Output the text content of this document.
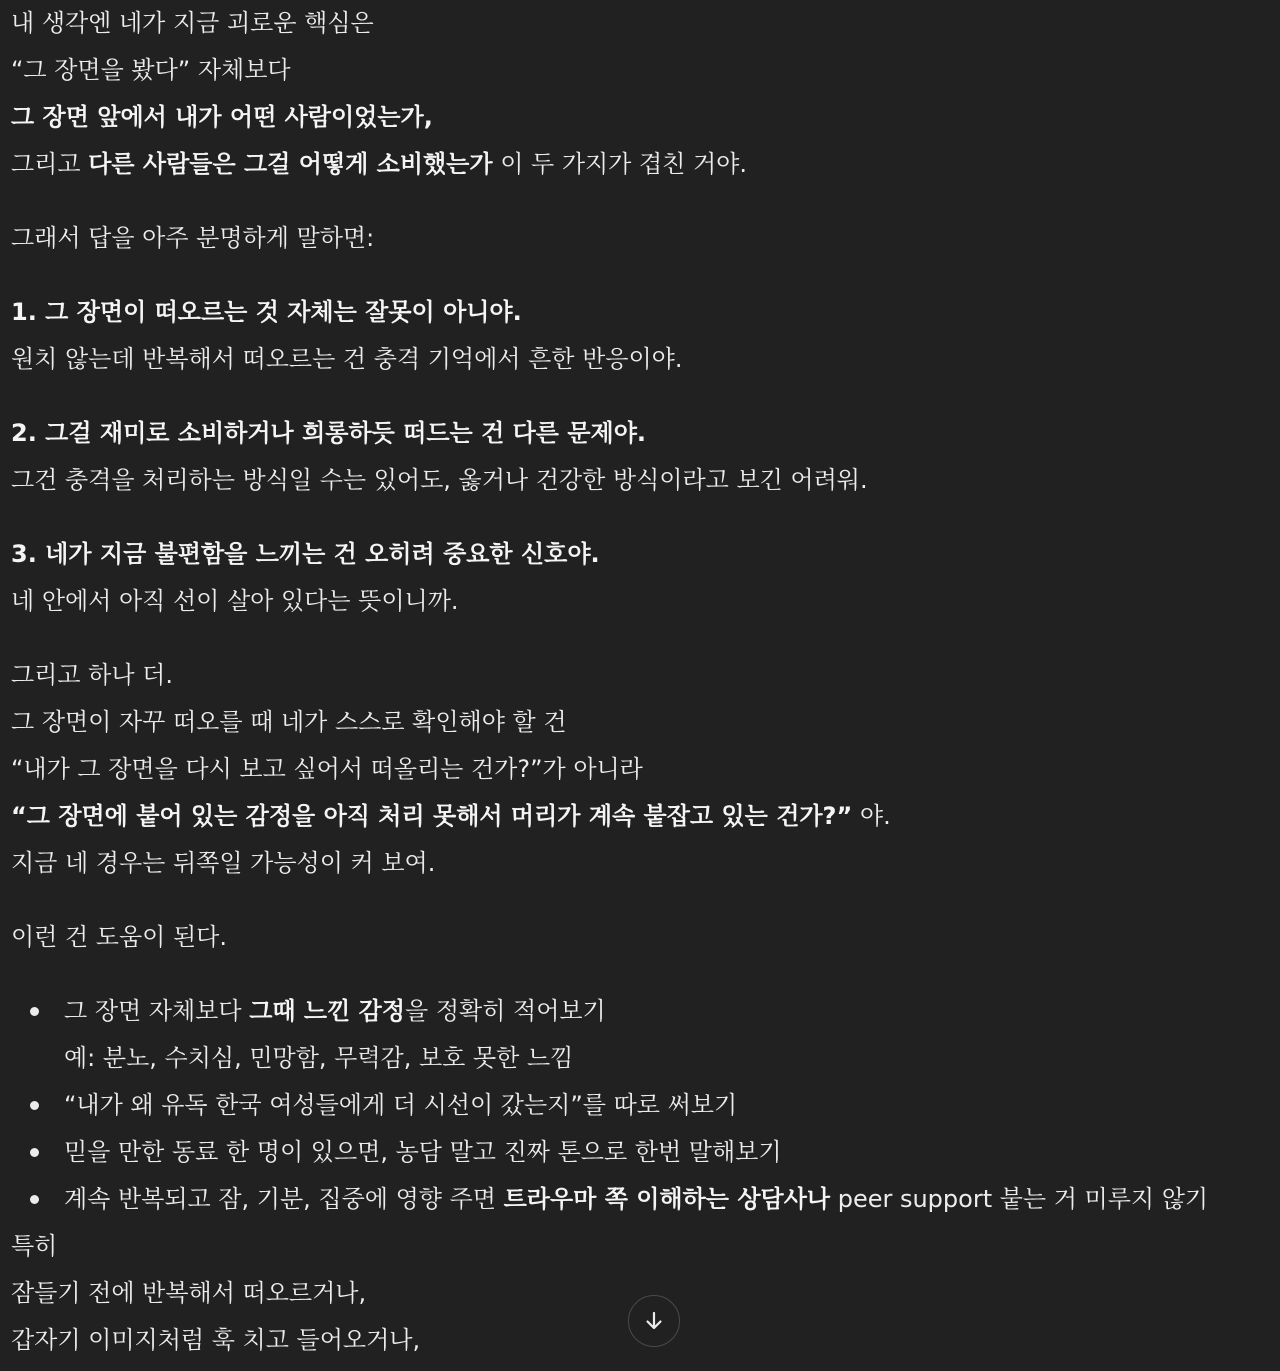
내 생각엔 네가 지금 괴로운 핵심은
“그 장면을 봤다” 자체보다
그 장면 앞에서 내가 어떤 사람이었는가,
그리고 다른 사람들은 그걸 어떻게 소비했는가 이 두 가지가 겹친 거야.
그래서 답을 아주 분명하게 말하면:
1. 그 장면이 떠오르는 것 자체는 잘못이 아니야.
원치 않는데 반복해서 떠오르는 건 충격 기억에서 흔한 반응이야.
2. 그걸 재미로 소비하거나 희롱하듯 떠드는 건 다른 문제야.
그건 충격을 처리하는 방식일 수는 있어도, 옳거나 건강한 방식이라고 보긴 어려워.
3. 네가 지금 불편함을 느끼는 건 오히려 중요한 신호야.
네 안에서 아직 선이 살아 있다는 뜻이니까.
그리고 하나 더.
그 장면이 자꾸 떠오를 때 네가 스스로 확인해야 할 건
“내가 그 장면을 다시 보고 싶어서 떠올리는 건가?”가 아니라
“그 장면에 붙어 있는 감정을 아직 처리 못해서 머리가 계속 붙잡고 있는 건가?” 야.
지금 네 경우는 뒤쪽일 가능성이 커 보여.
이런 건 도움이 된다.
그 장면 자체보다 그때 느낀 감정을 정확히 적어보기
예: 분노, 수치심, 민망함, 무력감, 보호 못한 느낌
“내가 왜 유독 한국 여성들에게 더 시선이 갔는지”를 따로 써보기
믿을 만한 동료 한 명이 있으면, 농담 말고 진짜 톤으로 한번 말해보기
계속 반복되고 잠, 기분, 집중에 영향 주면 트라우마 쪽 이해하는 상담사나 peer support 붙는 거 미루지 않기
특히
잠들기 전에 반복해서 떠오르거나,
갑자기 이미지처럼 훅 치고 들어오거나,
